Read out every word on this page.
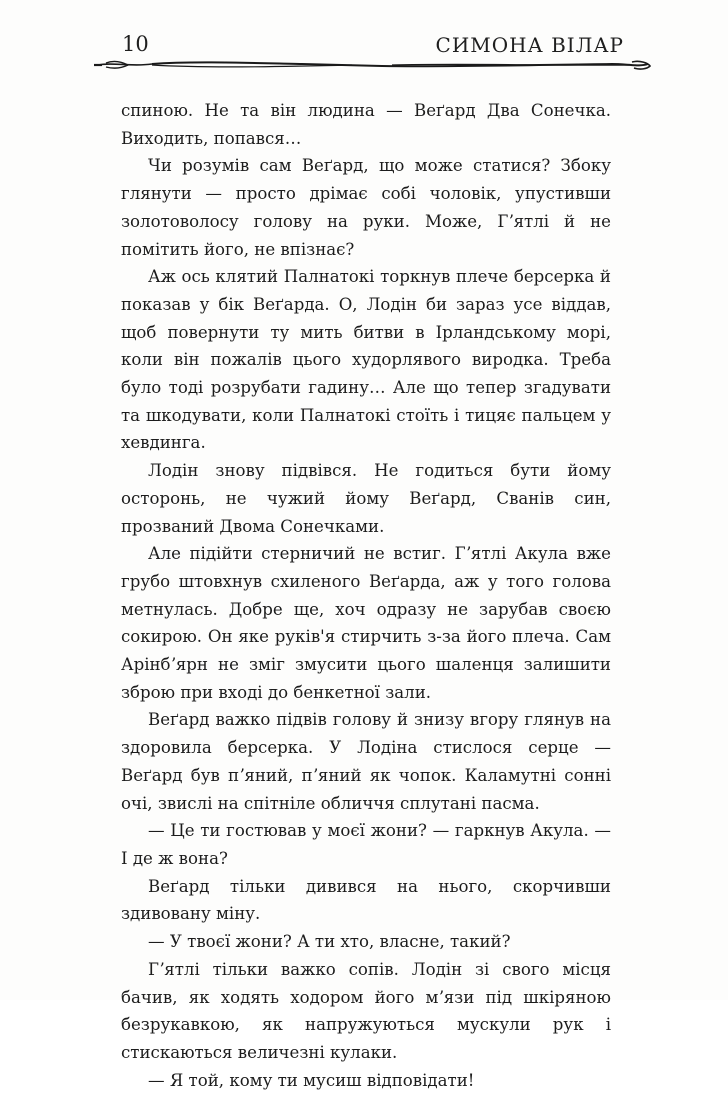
10	СИМОНА ВІЛАР

спиною. Не та він людина — Веґард Два Сонечка. Виходить, попався…

Чи розумів сам Веґард, що може статися? Збоку глянути — просто дрімає собі чоловік, упустивши золотоволосу голову на руки. Може, Гʼятлі й не помітить його, не впізнає?

Аж ось клятий Палнатокі торкнув плече берсерка й показав у бік Веґарда. О, Лодін би зараз усе віддав, щоб повернути ту мить битви в Ірландському морі, коли він пожалів цього худорлявого виродка. Треба було тоді розрубати гадину… Але що тепер згадувати та шкодувати, коли Палнатокі стоїть і тицяє пальцем у хевдинга.

Лодін знову підвівся. Не годиться бути йому осторонь, не чужий йому Веґард, Сванів син, прозваний Двома Сонечками.

Але підійти стерничий не встиг. Гʼятлі Акула вже грубо штовхнув схиленого Веґарда, аж у того голова метнулась. Добре ще, хоч одразу не зарубав своєю сокирою. Он яке руків'я стирчить з-за його плеча. Сам Арінбʼярн не зміг змусити цього шаленця залишити зброю при вході до бенкетної зали.

Веґард важко підвів голову й знизу вгору глянув на здоровила берсерка. У Лодіна стислося серце — Веґард був пʼяний, пʼяний як чопок. Каламутні сонні очі, звислі на спітніле обличчя сплутані пасма.

— Це ти гостював у моєї жони? — гаркнув Акула. — І де ж вона?

Веґард тільки дивився на нього, скорчивши здивовану міну.

— У твоєї жони? А ти хто, власне, такий?

Гʼятлі тільки важко сопів. Лодін зі свого місця бачив, як ходять ходором його мʼязи під шкіряною безрукавкою, як напружуються мускули рук і стискаються величезні кулаки.

— Я той, кому ти мусиш відповідати!
